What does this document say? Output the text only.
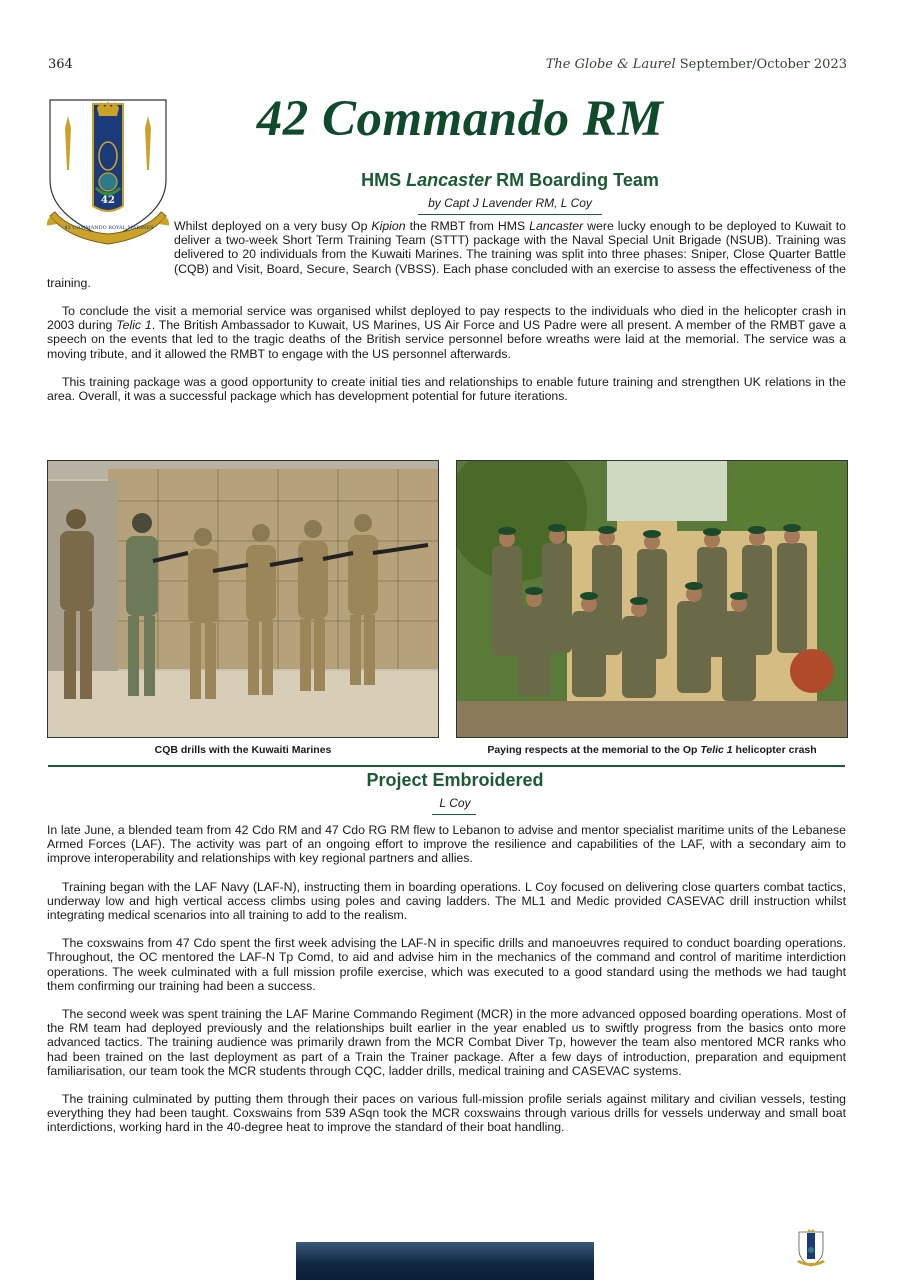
364	The Globe & Laurel September/October 2023
42
42 COMMANDO ROYAL MARINES
42 Commando RM
HMS Lancaster RM Boarding Team
by Capt J Lavender RM, L Coy

Whilst deployed on a very busy Op Kipion the RMBT from HMS Lancaster were lucky enough to be deployed to Kuwait to deliver a two-week Short Term Training Team (STTT) package with the Naval Special Unit Brigade (NSUB). Training was delivered to 20 individuals from the Kuwaiti Marines. The training was split into three phases: Sniper, Close Quarter Battle (CQB) and Visit, Board, Secure, Search (VBSS). Each phase concluded with an exercise to assess the effectiveness of the training.

To conclude the visit a memorial service was organised whilst deployed to pay respects to the individuals who died in the helicopter crash in 2003 during Telic 1. The British Ambassador to Kuwait, US Marines, US Air Force and US Padre were all present. A member of the RMBT gave a speech on the events that led to the tragic deaths of the British service personnel before wreaths were laid at the memorial. The service was a moving tribute, and it allowed the RMBT to engage with the US personnel afterwards.

This training package was a good opportunity to create initial ties and relationships to enable future training and strengthen UK relations in the area. Overall, it was a successful package which has development potential for future iterations.

CQB drills with the Kuwaiti Marines	Paying respects at the memorial to the Op Telic 1 helicopter crash
Project Embroidered
L Coy

In late June, a blended team from 42 Cdo RM and 47 Cdo RG RM flew to Lebanon to advise and mentor specialist maritime units of the Lebanese Armed Forces (LAF). The activity was part of an ongoing effort to improve the resilience and capabilities of the LAF, with a secondary aim to improve interoperability and relationships with key regional partners and allies.

Training began with the LAF Navy (LAF-N), instructing them in boarding operations. L Coy focused on delivering close quarters combat tactics, underway low and high vertical access climbs using poles and caving ladders. The ML1 and Medic provided CASEVAC drill instruction whilst integrating medical scenarios into all training to add to the realism.

The coxswains from 47 Cdo spent the first week advising the LAF-N in specific drills and manoeuvres required to conduct boarding operations. Throughout, the OC mentored the LAF-N Tp Comd, to aid and advise him in the mechanics of the command and control of maritime interdiction operations. The week culminated with a full mission profile exercise, which was executed to a good standard using the methods we had taught them confirming our training had been a success.

The second week was spent training the LAF Marine Commando Regiment (MCR) in the more advanced opposed boarding operations. Most of the RM team had deployed previously and the relationships built earlier in the year enabled us to swiftly progress from the basics onto more advanced tactics. The training audience was primarily drawn from the MCR Combat Diver Tp, however the team also mentored MCR ranks who had been trained on the last deployment as part of a Train the Trainer package. After a few days of introduction, preparation and equipment familiarisation, our team took the MCR students through CQC, ladder drills, medical training and CASEVAC systems.

The training culminated by putting them through their paces on various full-mission profile serials against military and civilian vessels, testing everything they had been taught. Coxswains from 539 ASqn took the MCR coxswains through various drills for vessels underway and small boat interdictions, working hard in the 40-degree heat to improve the standard of their boat handling.
